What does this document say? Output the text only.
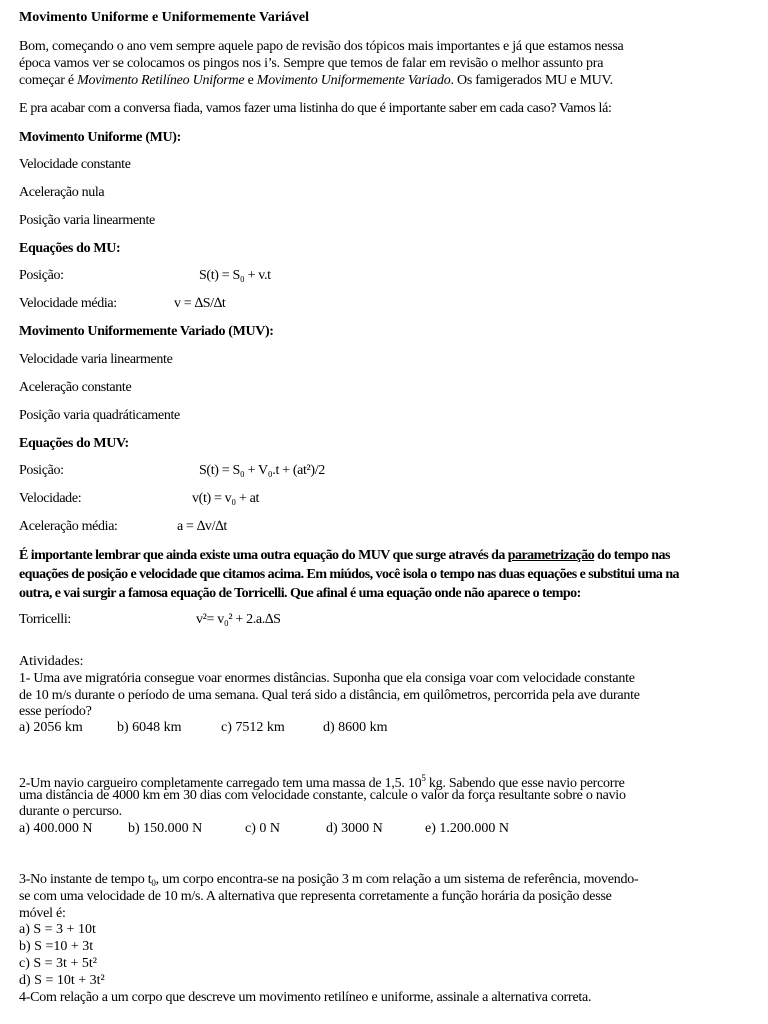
Movimento Uniforme e Uniformemente Variável
Bom, começando o ano vem sempre aquele papo de revisão dos tópicos mais importantes e já que estamos nessa
época vamos ver se colocamos os pingos nos i’s. Sempre que temos de falar em revisão o melhor assunto pra
começar é Movimento Retilíneo Uniforme e Movimento Uniformemente Variado. Os famigerados MU e MUV.
E pra acabar com a conversa fiada, vamos fazer uma listinha do que é importante saber em cada caso? Vamos lá:
Movimento Uniforme (MU):
Velocidade constante
Aceleração nula
Posição varia linearmente
Equações do MU:
Posição:	S(t) = S₀ + v.t
Velocidade média:	v = ∆S/∆t
Movimento Uniformemente Variado (MUV):
Velocidade varia linearmente
Aceleração constante
Posição varia quadráticamente
Equações do MUV:
Posição:	S(t) = S₀ + V₀.t + (at²)/2
Velocidade:	v(t) = v₀ + at
Aceleração média:	a = ∆v/∆t
É importante lembrar que ainda existe uma outra equação do MUV que surge através da parametrização do tempo nas
equações de posição e velocidade que citamos acima. Em miúdos, você isola o tempo nas duas equações e substitui uma na
outra, e vai surgir a famosa equação de Torricelli. Que afinal é uma equação onde não aparece o tempo:
Torricelli:	v²= v₀² + 2.a.∆S
Atividades:
1- Uma ave migratória consegue voar enormes distâncias. Suponha que ela consiga voar com velocidade constante
de 10 m/s durante o período de uma semana. Qual terá sido a distância, em quilômetros, percorrida pela ave durante
esse período?
a) 2056 km b) 6048 km	c) 7512 km	d) 8600 km
2-Um navio cargueiro completamente carregado tem uma massa de 1,5. $10^5$ kg. Sabendo que esse navio percorre
uma distância de 4000 km em 30 dias com velocidade constante, calcule o valor da força resultante sobre o navio
durante o percurso.
a) 400.000 N	b) 150.000 N	c) 0 N	d) 3000 N	e) 1.200.000 N
3-No instante de tempo $t_0$, um corpo encontra-se na posição 3 m com relação a um sistema de referência, movendo-
se com uma velocidade de 10 m/s. A alternativa que representa corretamente a função horária da posição desse
móvel é:
a) S = 3 + 10t
b) S =10 + 3t
c) S = 3t + 5t²
d) S = 10t + 3t²
4-Com relação a um corpo que descreve um movimento retilíneo e uniforme, assinale a alternativa correta.
